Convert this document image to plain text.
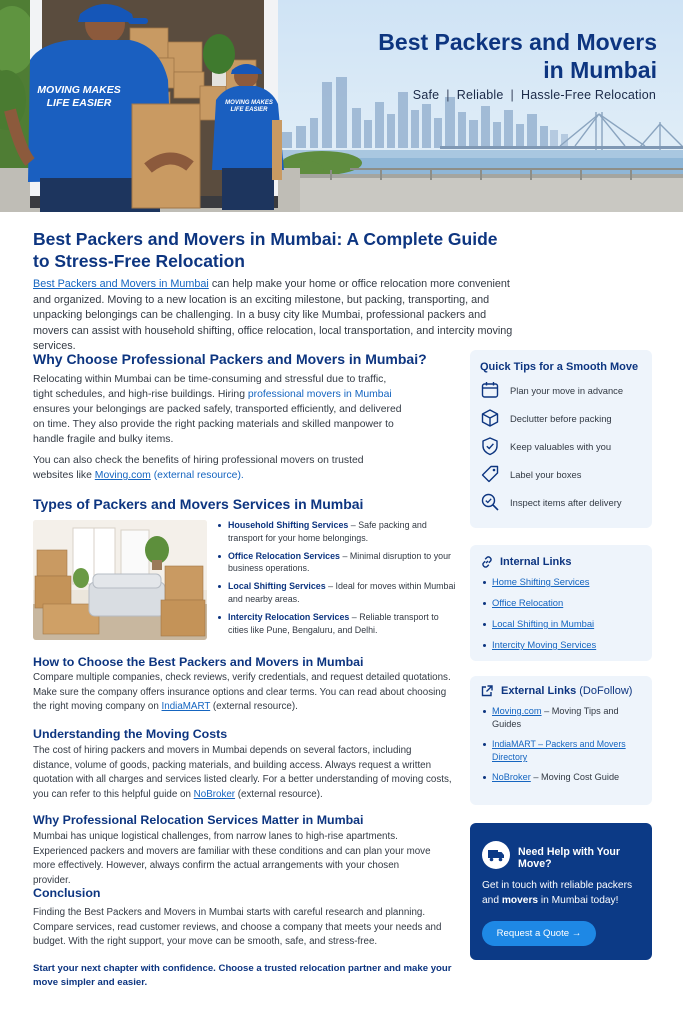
MOVING MAKES LIFE EASIER	MOVING MAKES LIFE EASIER
Best Packers and Movers in Mumbai
Safe | Reliable | Hassle-Free Relocation
Best Packers and Movers in Mumbai: A Complete Guide to Stress-Free Relocation

Best Packers and Movers in Mumbai can help make your home or office relocation more convenient and organized. Moving to a new location is an exciting milestone, but packing, transporting, and unpacking belongings can be challenging. In a busy city like Mumbai, professional packers and movers can assist with household shifting, office relocation, local transportation, and intercity moving services.

Why Choose Professional Packers and Movers in Mumbai?

Relocating within Mumbai can be time-consuming and stressful due to traffic, tight schedules, and high-rise buildings. Hiring professional movers in Mumbai ensures your belongings are packed safely, transported efficiently, and delivered on time. They also provide the right packing materials and skilled manpower to handle fragile and bulky items.

You can also check the benefits of hiring professional movers on trusted websites like Moving.com (external resource).

Types of Packers and Movers Services in Mumbai
Household Shifting Services – Safe packing and transport for your home belongings.
Office Relocation Services – Minimal disruption to your business operations.
Local Shifting Services – Ideal for moves within Mumbai and nearby areas.
Intercity Relocation Services – Reliable transport to cities like Pune, Bengaluru, and Delhi.
How to Choose the Best Packers and Movers in Mumbai

Compare multiple companies, check reviews, verify credentials, and request detailed quotations. Make sure the company offers insurance options and clear terms. You can read about choosing the right moving company on IndiaMART (external resource).

Understanding the Moving Costs

The cost of hiring packers and movers in Mumbai depends on several factors, including distance, volume of goods, packing materials, and building access. Always request a written quotation with all charges and services listed clearly. For a better understanding of moving costs, you can refer to this helpful guide on NoBroker (external resource).

Why Professional Relocation Services Matter in Mumbai

Mumbai has unique logistical challenges, from narrow lanes to high-rise apartments. Experienced packers and movers are familiar with these conditions and can plan your move more effectively. However, always confirm the actual arrangements with your chosen provider.

Conclusion

Finding the Best Packers and Movers in Mumbai starts with careful research and planning. Compare services, read customer reviews, and choose a company that meets your needs and budget. With the right support, your move can be smooth, safe, and stress-free.

Start your next chapter with confidence. Choose a trusted relocation partner and make your move simpler and easier.

Quick Tips for a Smooth Move
Plan your move in advance
Declutter before packing
Keep valuables with you
Label your boxes
Inspect items after delivery
Internal Links
Home Shifting Services
Office Relocation
Local Shifting in Mumbai
Intercity Moving Services
External Links (DoFollow)
Moving.com – Moving Tips and Guides
IndiaMART – Packers and Movers Directory
NoBroker – Moving Cost Guide
Need Help with Your Move?
Get in touch with reliable packers and movers in Mumbai today!
Request a Quote →
